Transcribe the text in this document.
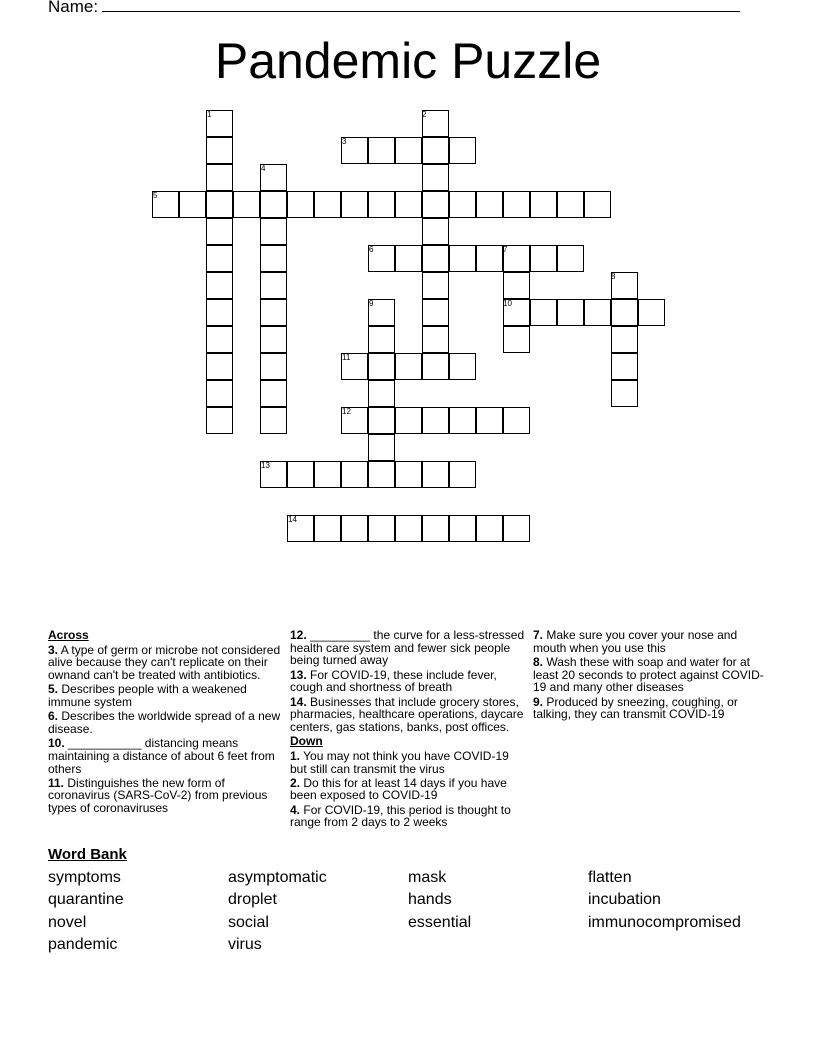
Name:
Pandemic Puzzle
1	2
3
4
5
6	7
8
9	10
11
12
13
14

Across

3. A type of germ or microbe not considered alive because they can't replicate on their ownand can't be treated with antibiotics.

5. Describes people with a weakened immune system

6. Describes the worldwide spread of a new disease.

10. ___________ distancing means maintaining a distance of about 6 feet from others

11. Distinguishes the new form of coronavirus (SARS-CoV-2) from previous types of coronaviruses

12. _________ the curve for a less-stressed health care system and fewer sick people being turned away

13. For COVID-19, these include fever, cough and shortness of breath

14. Businesses that include grocery stores, pharmacies, healthcare operations, daycare centers, gas stations, banks, post offices.

Down

1. You may not think you have COVID-19 but still can transmit the virus

2. Do this for at least 14 days if you have been exposed to COVID-19

4. For COVID-19, this period is thought to range from 2 days to 2 weeks

7. Make sure you cover your nose and mouth when you use this

8. Wash these with soap and water for at least 20 seconds to protect against COVID-19 and many other diseases

9. Produced by sneezing, coughing, or talking, they can transmit COVID-19

Word Bank
symptoms	asymptomatic	mask	flatten
quarantine	droplet	hands	incubation
novel	social	essential	immunocompromised
pandemic	virus
